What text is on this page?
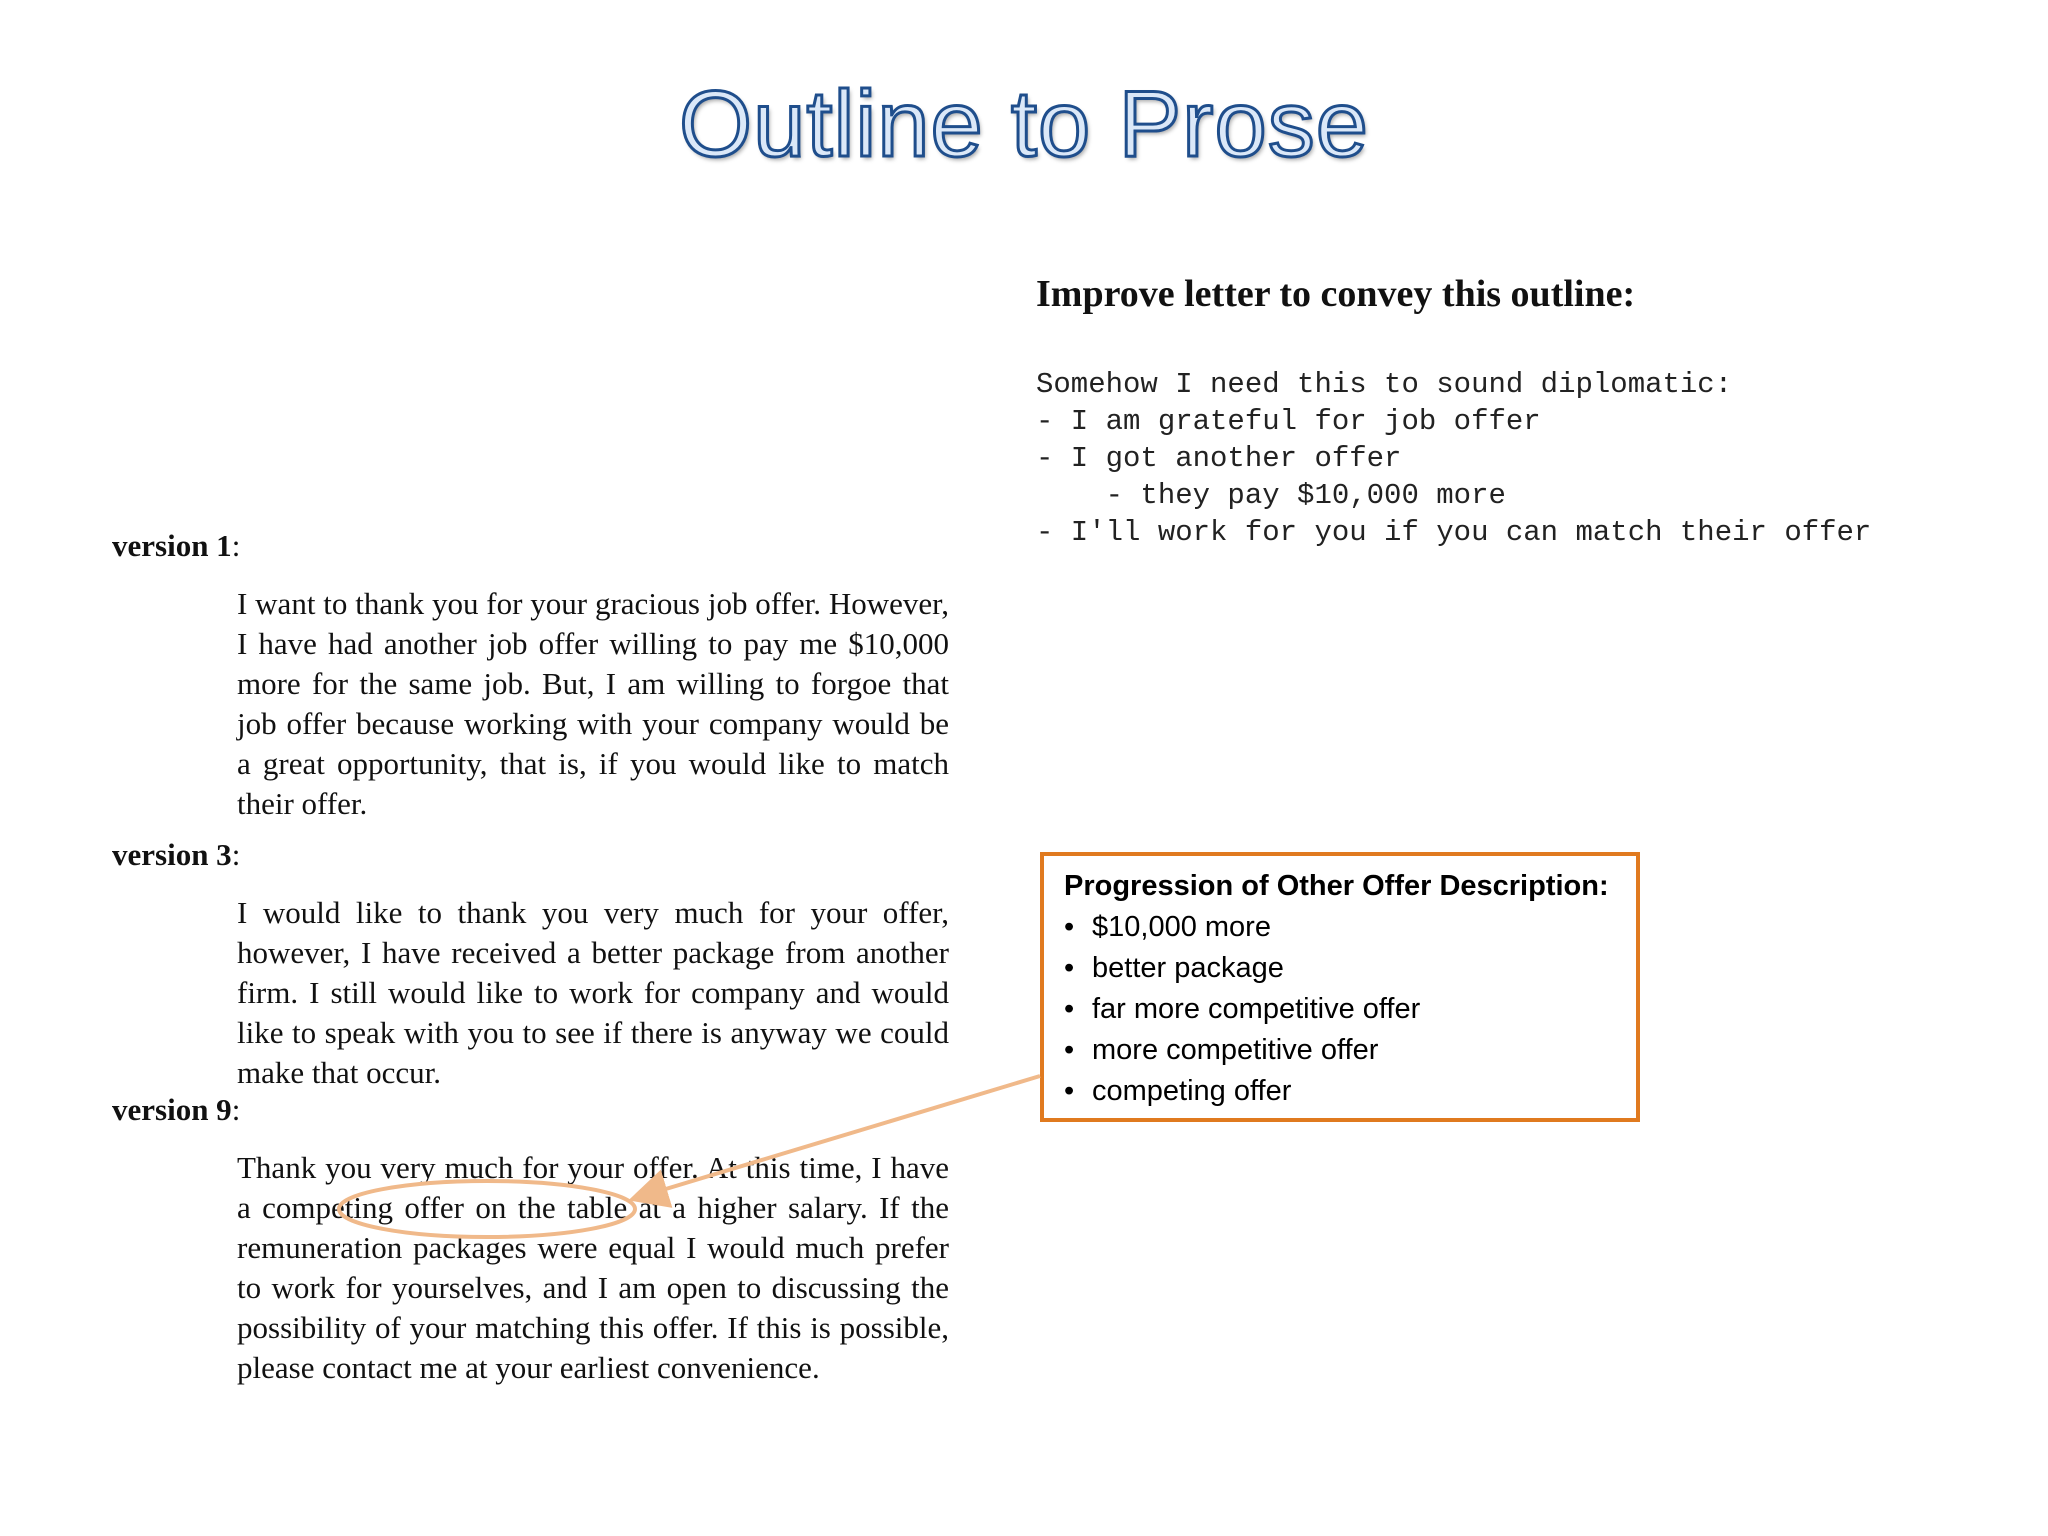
Outline to Prose
Improve letter to convey this outline:
Somehow I need this to sound diplomatic:
- I am grateful for job offer
- I got another offer
- they pay $10,000 more
- I'll work for you if you can match their offer

version 1:

I want to thank you for your gracious job offer. However, I have had another job offer willing to pay me $10,000 more for the same job. But, I am willing to forgoe that job offer because working with your company would be a great opportunity, that is, if you would like to match their offer.

version 3:

I would like to thank you very much for your offer, however, I have received a better package from another firm. I still would like to work for company and would like to speak with you to see if there is anyway we could make that occur.

version 9:

Thank you very much for your offer. At this time, I have a competing offer on the table at a higher salary. If the remuneration packages were equal I would much prefer to work for yourselves, and I am open to discussing the possibility of your matching this offer. If this is possible, please contact me at your earliest convenience.

Progression of Other Offer Description:
• $10,000 more
• better package
• far more competitive offer
• more competitive offer
• competing offer
